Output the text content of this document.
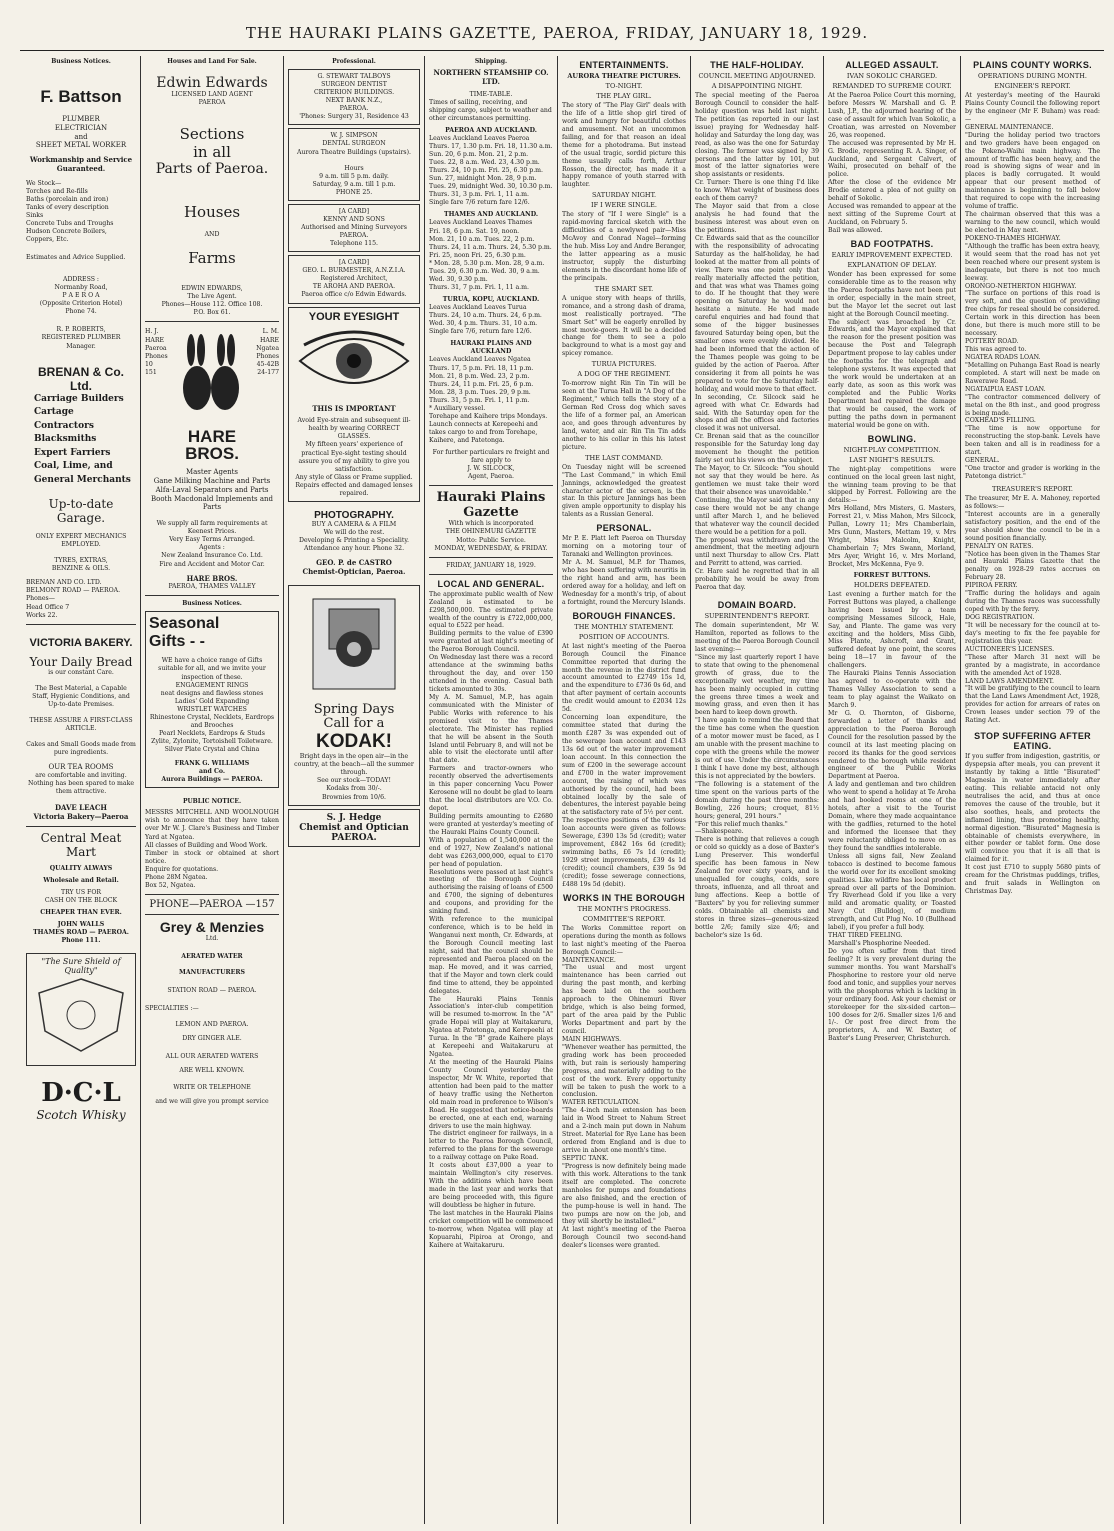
THE HAURAKI PLAINS GAZETTE, PAEROA, FRIDAY, JANUARY 18, 1929.
Business Notices.
F. Battson
PLUMBER
ELECTRICIAN
and
SHEET METAL WORKER
Workmanship and Service Guaranteed.
We Stock—
Torches and Re-fills
Baths (porcelain and iron)
Tanks of every description
Sinks
Concrete Tubs and Troughs
Hudson Concrete Boilers,
Coppers, Etc.
Estimates and Advice Supplied.
ADDRESS :
Normanby Road,
P A E R O A
(Opposite Criterion Hotel)
Phone 74.
R. P. ROBERTS,
REGISTERED PLUMBER
Manager.
BRENAN & Co. Ltd.
Carriage Builders
Cartage Contractors
Blacksmiths
Expert Farriers
Coal, Lime, and
General Merchants
Up-to-date Garage.
ONLY EXPERT MECHANICS EMPLOYED.
TYRES, EXTRAS,
BENZINE & OILS.
BRENAN AND CO. LTD.
BELMONT ROAD — PAEROA.
Phones—
Head Office 7
Works 22.
VICTORIA BAKERY.
Your Daily Bread
is our constant Care.
The Best Material, a Capable Staff, Hygienic Conditions, and Up-to-date Premises.
THESE ASSURE A FIRST-CLASS ARTICLE.
Cakes and Small Goods made from pure ingredients.
OUR TEA ROOMS
are comfortable and inviting. Nothing has been spared to make them attractive.
DAVE LEACH
Victoria Bakery—Paeroa
Central Meat Mart
QUALITY ALWAYS
Wholesale and Retail.
TRY US FOR
CASH ON THE BLOCK
CHEAPER THAN EVER.
JOHN WALLS
THAMES ROAD — PAEROA.
Phone 111.
"The Sure Shield of Quality"
D·C·L
Scotch Whisky
Houses and Land For Sale.
Edwin Edwards
LICENSED LAND AGENT
PAEROA
Sections
in all
Parts of Paeroa.
Houses
AND
Farms
EDWIN EDWARDS,
The Live Agent.
Phones—House 112. Office 108.
P.O. Box 61.
H. J.
HARE
Paeroa
Phones
10
151
L. M.
HARE
Ngatea
Phones
45-42B
24-177
HARE
BROS.
Master Agents
Gane Milking Machine and Parts
Alfa-Laval Separators and Parts
Booth Macdonald Implements and Parts
We supply all farm requirements at Keenest Prices.
Very Easy Terms Arranged.
Agents :
New Zealand Insurance Co. Ltd.
Fire and Accident and Motor Car.
HARE BROS.
PAEROA, THAMES VALLEY
Business Notices.
Seasonal
Gifts - -
WE have a choice range of Gifts suitable for all, and we invite your inspection of these.
ENGAGEMENT RINGS
neat designs and flawless stones
Ladies' Gold Expanding
WRISTLET WATCHES
Rhinestone Crystal, Necklets, Eardrops and Brooches
Pearl Necklets, Eardrops & Studs
Zylite, Zylonite, Tortoishell Toiletware.
Silver Plate Crystal and China
FRANK G. WILLIAMS
and Co.
Aurora Buildings — PAEROA.
PUBLIC NOTICE.
MESSRS MITCHELL AND WOOLNOUGH wish to announce that they have taken over Mr W. J. Clare's Business and Timber Yard at Ngatea.
All classes of Building and Wood Work.
Timber in stock or obtained at short notice.
Enquire for quotations.
Phone 28M Ngatea.
Box 52, Ngatea.
PHONE—PAEROA —157
Grey & Menzies
Ltd.
AERATED WATER
MANUFACTURERS
STATION ROAD — PAEROA.
SPECIALTIES :—
LEMON AND PAEROA.
DRY GINGER ALE.
ALL OUR AERATED WATERS
ARE WELL KNOWN.
WRITE OR TELEPHONE
and we will give you prompt service
Professional.
G. STEWART TALBOYS
SURGEON DENTIST
CRITERION BUILDINGS.
NEXT BANK N.Z.,
PAEROA.
'Phones: Surgery 31, Residence 43
W. J. SIMPSON
DENTAL SURGEON
Aurora Theatre Buildings (upstairs).

Hours
9 a.m. till 5 p.m. daily.
Saturday, 9 a.m. till 1 p.m.
PHONE 25.
[A CARD]
KENNY AND SONS
Authorised and Mining Surveyors
PAEROA.
Telephone 115.
[A CARD]
GEO. L. BURMESTER, A.N.Z.I.A.
Registered Architect,
TE AROHA AND PAEROA.
Paeroa office c/o Edwin Edwards.
YOUR EYESIGHT
THIS IS IMPORTANT
Avoid Eye-strain and subsequent ill-health by wearing CORRECT GLASSES.
My fifteen years' experience of practical Eye-sight testing should assure you of my ability to give you satisfaction.
Any style of Glass or Frame supplied.
Repairs effected and damaged lenses repaired.
PHOTOGRAPHY.
BUY A CAMERA & A FILM
We will do the rest.
Developing & Printing a Speciality.
Attendance any hour. Phone 32.
GEO. P. de CASTRO
Chemist-Optician, Paeroa.
Spring Days
Call for a
KODAK!
Bright days in the open air—in the country, at the beach—all the summer through.
See our stock—TODAY!
Kodaks from 30/-.
Brownies from 10/6.
S. J. Hedge
Chemist and Optician
PAEROA.
Shipping.
NORTHERN STEAMSHIP CO. LTD.
TIME-TABLE.
Times of sailing, receiving, and shipping cargo, subject to weather and other circumstances permitting.
PAEROA AND AUCKLAND.
Leaves Auckland Leaves Paeroa
Thurs. 17, 1.30 p.m. Fri. 18, 11.30 a.m.
Sun. 20, 6 p.m. Mon. 21, 2 p.m.
Tues. 22, 8 a.m. Wed. 23, 4.30 p.m.
Thurs. 24, 10 p.m. Fri. 25, 6.30 p.m.
Sun. 27, midnight Mon. 28, 9 p.m.
Tues. 29, midnight Wed. 30, 10.30 p.m.
Thurs. 31, 3 p.m. Fri. 1, 11 a.m.
Single fare 7/6 return fare 12/6.
THAMES AND AUCKLAND.
Leaves Auckland Leaves Thames
Fri. 18, 6 p.m. Sat. 19, noon.
Mon. 21, 10 a.m. Tues. 22, 2 p.m.
Thurs. 24, 11 a.m. Thurs. 24, 5.30 p.m.
Fri. 25, noon Fri. 25, 6.30 p.m.
* Mon. 28, 5.30 p.m. Mon. 28, 9 a.m.
Tues. 29, 6.30 p.m. Wed. 30, 9 a.m.
Wed. 30, 9.30 p.m.
Thurs. 31, 7 p.m. Fri. 1, 11 a.m.
TURUA, KOPU, AUCKLAND.
Leaves Auckland Leaves Turua
Thurs. 24, 10 a.m. Thurs. 24, 6 p.m.
Wed. 30, 4 p.m. Thurs. 31, 10 a.m.
Single fare 7/6, return fare 12/6.
HAURAKI PLAINS AND AUCKLAND
Leaves Auckland Leaves Ngatea
Thurs. 17, 5 p.m. Fri. 18, 11 p.m.
Mon. 21, 8 p.m. Wed. 23, 2 p.m.
Thurs. 24, 11 p.m. Fri. 25, 6 p.m.
Mon. 28, 3 p.m. Tues. 29, 9 p.m.
Thurs. 31, 5 p.m. Fri. 1, 11 p.m.
* Auxiliary vessel.
Torehape and Kaihere trips Mondays. Launch connects at Kerepeehi and takes cargo to and from Torehape, Kaihere, and Patetonga.
For further particulars re freight and fare apply to
J. W. SILCOCK,
Agent, Paeroa.
Hauraki Plains Gazette
With which is incorporated
THE OHINEMURI GAZETTE
Motto: Public Service.
MONDAY, WEDNESDAY, & FRIDAY.
FRIDAY, JANUARY 18, 1929.
LOCAL AND GENERAL.
The approximate public wealth of New Zealand is estimated to be £298,500,000. The estimated private wealth of the country is £722,000,000, equal to £522 per head.
Building permits to the value of £390 were granted at last night's meeting of the Paeroa Borough Council.
On Wednesday last there was a record attendance at the swimming baths throughout the day, and over 150 attended in the evening. Casual bath tickets amounted to 30s.
My A. M. Samuel, M.P., has again communicated with the Minister of Public Works with reference to his promised visit to the Thames electorate. The Minister has replied that he will be absent in the South Island until February 8, and will not be able to visit the electorate until after that date.
Farmers and tractor-owners who recently observed the advertisements in this paper concerning Vacu Power Kerosene will no doubt be glad to learn that the local distributors are V.O. Co. depot.
Building permits amounting to £2680 were granted at yesterday's meeting of the Hauraki Plains County Council.
With a population of 1,540,000 at the end of 1927, New Zealand's national debt was £263,000,000, equal to £170 per head of population.
Resolutions were passed at last night's meeting of the Borough Council authorising the raising of loans of £500 and £700, the signing of debentures and coupons, and providing for the sinking fund.
With reference to the municipal conference, which is to be held in Wanganui next month, Cr. Edwards, at the Borough Council meeting last night, said that the council should be represented and Paeroa placed on the map. He moved, and it was carried, that if the Mayor and town clerk could find time to attend, they be appointed delegates.
The Hauraki Plains Tennis Association's inter-club competition will be resumed to-morrow. In the "A" grade Hopai will play at Waitakaruru, Ngatea at Patetonga, and Kerepeehi at Turua. In the "B" grade Kaihere plays at Kerepeehi and Waitakaruru at Ngatea.
At the meeting of the Hauraki Plains County Council yesterday the inspector, Mr W. White, reported that attention had been paid to the matter of heavy traffic using the Netherton old main road in preference to Wilson's Road. He suggested that notice-boards be erected, one at each end, warning drivers to use the main highway.
The district engineer for railways, in a letter to the Paeroa Borough Council, referred to the plans for the sewerage to a railway cottage on Puke Road.
It costs about £37,000 a year to maintain Wellington's city reserves. With the additions which have been made in the last year and works that are being proceeded with, this figure will doubtless be higher in future.
The last matches in the Hauraki Plains cricket competition will be commenced to-morrow, when Ngatea will play at Kopuarahi, Pipiroa at Orongo, and Kaihere at Waitakaruru.
ENTERTAINMENTS.
AURORA THEATRE PICTURES.
TO-NIGHT.
THE PLAY GIRL.
The story of "The Play Girl" deals with the life of a little shop girl tired of work and hungry for beautiful clothes and amusement. Not an uncommon failing, and for that reason an ideal theme for a photodrama. But instead of the usual tragic, sordid picture this theme usually calls forth, Arthur Rosson, the director, has made it a happy romance of youth starred with laughter.
SATURDAY NIGHT.
IF I WERE SINGLE.
The story of "If I were Single" is a rapid-moving farcical sketch with the difficulties of a newlywed pair—Miss McAvoy and Conrad Nagel—forming the hub. Miss Loy and Andre Beranger, the latter appearing as a music instructor, supply the disturbing elements in the discordant home life of the principals.
THE SMART SET.
A unique story with heaps of thrills, romance, and a strong dash of drama, most realistically portrayed. "The Smart Set" will be eagerly enrolled by most movie-goers. It will be a decided change for them to see a polo background to what is a most gay and spicey romance.
TURUA PICTURES.
A DOG OF THE REGIMENT.
To-morrow night Rin Tin Tin will be seen at the Turua Hall in "A Dog of the Regiment," which tells the story of a German Red Cross dog which saves the life of a former pal, an American ace, and goes through adventures by land, water, and air. Rin Tin Tin adds another to his collar in this his latest picture.
THE LAST COMMAND.
On Tuesday night will be screened "The Last Command," in which Emil Jannings, acknowledged the greatest character actor of the screen, is the star. In this picture Jannings has been given ample opportunity to display his talents as a Russian General.
PERSONAL.
Mr P. E. Platt left Paeroa on Thursday morning on a motoring tour of Taranaki and Wellington provinces.
Mr A. M. Samuel, M.P. for Thames, who has been suffering with neuritis in the right hand and arm, has been ordered away for a holiday, and left on Wednesday for a month's trip, of about a fortnight, round the Mercury Islands.
BOROUGH FINANCES.
THE MONTHLY STATEMENT.
POSITION OF ACCOUNTS.
At last night's meeting of the Paeroa Borough Council the Finance Committee reported that during the month the revenue in the district fund account amounted to £2749 15s 1d, and the expenditure to £736 0s 6d, and that after payment of certain accounts the credit would amount to £2034 12s 5d.
Concerning loan expenditure, the committee stated that during the month £287 3s was expended out of the sewerage loan account and £143 13s 6d out of the water improvement loan account. In this connection the sum of £200 in the sewerage account and £700 in the water improvement account, the raising of which was authorised by the council, had been obtained locally by the sale of debentures, the interest payable being at the satisfactory rate of 5½ per cent.
The respective positions of the various loan accounts were given as follows: Sewerage, £390 13s 5d (credit); water improvement, £842 16s 6d (credit); swimming baths, £6 7s 1d (credit); 1929 street improvements, £39 4s 1d (credit); council chambers, £39 5s 9d (credit); fosse sewerage connections, £488 19s 5d (debit).
WORKS IN THE BOROUGH
THE MONTH'S PROGRESS.
COMMITTEE'S REPORT.
The Works Committee report on operations during the month as follows to last night's meeting of the Paeroa Borough Council:—
MAINTENANCE.
"The usual and most urgent maintenance has been carried out during the past month, and kerbing has been laid on the southern approach to the Ohinemuri River bridge, which is also being formed, part of the area paid by the Public Works Department and part by the council.
MAIN HIGHWAYS.
"Whenever weather has permitted, the grading work has been proceeded with, but rain is seriously hampering progress, and materially adding to the cost of the work. Every opportunity will be taken to push the work to a conclusion.
WATER RETICULATION.
"The 4-inch main extension has been laid in Wood Street to Nahum Street and a 2-inch main put down in Nahum Street. Material for Rye Lane has been ordered from England and is due to arrive in about one month's time.
SEPTIC TANK.
"Progress is now definitely being made with this work. Alterations to the tank itself are completed. The concrete manholes for pumps and foundations are also finished, and the erection of the pump-house is well in hand. The two pumps are now on the job, and they will shortly be installed."
At last night's meeting of the Paeroa Borough Council two second-hand dealer's licenses were granted.
THE HALF-HOLIDAY.
COUNCIL MEETING ADJOURNED.
A DISAPPOINTING NIGHT.
The special meeting of the Paeroa Borough Council to consider the half-holiday question was held last night. The petition (as reported in our last issue) praying for Wednesday half-holiday and Saturday the long day, was read, as also was the one for Saturday closing. The former was signed by 39 persons and the latter by 101, but most of the latter signatories were shop assistants or residents.
Cr. Turner: There is one thing I'd like to know. What weight of business does each of them carry?
The Mayor said that from a close analysis he had found that the business interest was about even on the petitions.
Cr. Edwards said that as the councillor with the responsibility of advocating Saturday as the half-holiday, he had looked at the matter from all points of view. There was one point only that really materially affected the petition, and that was what was Thames going to do. If he thought that they were opening on Saturday he would not hesitate a minute. He had made careful enquiries and had found that some of the bigger businesses favoured Saturday being open, but the smaller ones were evenly divided. He had been informed that the action of the Thames people was going to be guided by the action of Paeroa. After considering it from all points he was prepared to vote for the Saturday half-holiday, and would move to that effect.
In seconding, Cr. Silcock said he agreed with what Cr. Edwards had said. With the Saturday open for the shops and all the offices and factories closed it was not universal.
Cr. Brenan said that as the councillor responsible for the Saturday long day movement he thought the petition fairly set out his views on the subject.
The Mayor, to Cr. Silcock: "You should not say that they would be here. As gentlemen we must take their word that their absence was unavoidable."
Continuing, the Mayor said that in any case there would not be any change until after March 1, and he believed that whatever way the council decided there would be a petition for a poll.
The proposal was withdrawn and the amendment, that the meeting adjourn until next Thursday to allow Crs. Platt and Perritt to attend, was carried.
Cr. Hare said he regretted that in all probability he would be away from Paeroa that day.
DOMAIN BOARD.
SUPERINTENDENT'S REPORT.
The domain superintendent, Mr W. Hamilton, reported as follows to the meeting of the Paeroa Borough Council last evening:—
"Since my last quarterly report I have to state that owing to the phenomenal growth of grass, due to the exceptionally wet weather, my time has been mainly occupied in cutting the greens three times a week and mowing grass, and even then it has been hard to keep down growth.
"I have again to remind the Board that the time has come when the question of a motor mower must be faced, as I am unable with the present machine to cope with the greens while the mower is out of use. Under the circumstances I think I have done my best, although this is not appreciated by the bowlers.
"The following is a statement of the time spent on the various parts of the domain during the past three months: Bowling, 226 hours; croquet, 81½ hours; general, 291 hours."
"For this relief much thanks."
—Shakespeare.
There is nothing that relieves a cough or cold so quickly as a dose of Baxter's Lung Preserver. This wonderful specific has been famous in New Zealand for over sixty years, and is unequalled for coughs, colds, sore throats, influenza, and all throat and lung affections. Keep a bottle of "Baxters" by you for relieving summer colds. Obtainable all chemists and stores in three sizes—generous-sized bottle 2/6; family size 4/6; and bachelor's size 1s 6d.
ALLEGED ASSAULT.
IVAN SOKOLIC CHARGED.
REMANDED TO SUPREME COURT.
At the Paeroa Police Court this morning, before Messrs W. Marshall and G. P. Lush, J.P., the adjourned hearing of the case of assault for which Ivan Sokolic, a Croatian, was arrested on November 26, was reopened.
The accused was represented by Mr H. G. Brodie, representing R. A. Singer, of Auckland, and Sergeant Calvert, of Waihi, prosecuted on behalf of the police.
After the close of the evidence Mr Brodie entered a plea of not guilty on behalf of Sokolic.
Accused was remanded to appear at the next sitting of the Supreme Court at Auckland, on February 5.
Bail was allowed.
BAD FOOTPATHS.
EARLY IMPROVEMENT EXPECTED.
EXPLANATION OF DELAY.
Wonder has been expressed for some considerable time as to the reason why the Paeroa footpaths have not been put in order, especially in the main street, but the Mayor let the secret out last night at the Borough Council meeting.
The subject was broached by Cr. Edwards, and the Mayor explained that the reason for the present position was because the Post and Telegraph Department propose to lay cables under the footpaths for the telegraph and telephone systems. It was expected that the work would be undertaken at an early date, as soon as this work was completed and the Public Works Department had repaired the damage that would be caused, the work of putting the paths down in permanent material would be gone on with.
BOWLING.
NIGHT-PLAY COMPETITION.
LAST NIGHT'S RESULTS.
The night-play competitions were continued on the local green last night, the winning team proving to be that skipped by Forrest. Following are the details:—
Mrs Holland, Mrs Misters, G. Masters, Forrest 21, v. Miss Mahon, Mrs Silcock, Pullan, Lowry 11; Mrs Chamberlain, Mrs Gunn, Masters, Mettam 19, v. Mrs Wright, Miss Malcolm, Knight, Chamberlain 7; Mrs Swann, Morland, Mrs Ayer, Wright 16, v. Mrs Morland, Brocket, Mrs McKenna, Fye 9.
FORREST BUTTONS.
HOLDERS DEFEATED.
Last evening a further match for the Forrest Buttons was played, a challenge having been issued by a team comprising Messames Silcock, Hale, Say, and Plante. The game was very exciting and the holders, Miss Gibb, Miss Plante, Ashcroft, and Grant, suffered defeat by one point, the scores being 18—17 in favour of the challengers.
The Hauraki Plains Tennis Association has agreed to co-operate with the Thames Valley Association to send a team to play against the Waikato on March 9.
Mr G. O. Thornton, of Gisborne, forwarded a letter of thanks and appreciation to the Paeroa Borough Council for the resolution passed by the council at its last meeting placing on record its thanks for the good services rendered to the borough while resident engineer of the Public Works Department at Paeroa.
A lady and gentleman and two children who went to spend a holiday at Te Aroha and had booked rooms at one of the hotels, after a visit to the Tourist Domain, where they made acquaintance with the gadflies, returned to the hotel and informed the licensee that they were reluctantly obliged to move on as they found the sandflies intolerable.
Unless all signs fail, New Zealand tobacco is destined to become famous the world over for its excellent smoking qualities. Like wildfire has local product spread over all parts of the Dominion. Try Riverhead Gold if you like a very mild and aromatic quality, or Toasted Navy Cut (Bulldog), of medium strength, and Cut Plug No. 10 (Bullhead label), if you prefer a full body.
THAT TIRED FEELING.
Marshall's Phosphorine Needed.
Do you often suffer from that tired feeling? It is very prevalent during the summer months. You want Marshall's Phosphorine to restore your old nerve food and tonic, and supplies your nerves with the phosphorus which is lacking in your ordinary food. Ask your chemist or storekeeper for the six-sided carton—100 doses for 2/6. Smaller sizes 1/6 and 1/-. Or post free direct from the proprietors, A. and W. Baxter, of Baxter's Lung Preserver, Christchurch.
PLAINS COUNTY WORKS.
OPERATIONS DURING MONTH.
ENGINEER'S REPORT.
At yesterday's meeting of the Hauraki Plains County Council the following report by the engineer (Mr F. Buham) was read:—
GENERAL MAINTENANCE.
"During the holiday period two tractors and two graders have been engaged on the Pokeno-Waihi main highway. The amount of traffic has been heavy, and the road is showing signs of wear and in places is badly corrugated. It would appear that our present method of maintenance is beginning to fall below that required to cope with the increasing volume of traffic.
The chairman observed that this was a warning to the new council, which would be elected in May next.
POKENO-THAMES HIGHWAY.
"Although the traffic has been extra heavy, it would seem that the road has not yet been reached where our present system is inadequate, but there is not too much leeway.
ORONGO-NETHERTON HIGHWAY.
"The surface on portions of this road is very soft, and the question of providing free chips for reseal should be considered. Certain work in this direction has been done, but there is much more still to be necessary.
POTTERY ROAD.
This was agreed to.
NGATEA ROADS LOAN.
"Metalling on Puhanga East Road is nearly completed. A start will next be made on Rawerawe Road.
NGATAIPUA EAST LOAN.
"The contractor commenced delivery of metal on the 8th inst., and good progress is being made.
COXHEAD'S FILLING.
"The time is now opportune for reconstructing the stop-bank. Levels have been taken and all is in readiness for a start.
GENERAL.
"One tractor and grader is working in the Patetonga district."
TREASURER'S REPORT.
The treasurer, Mr E. A. Mahoney, reported as follows:—
"Interest accounts are in a generally satisfactory position, and the end of the year should show the council to be in a sound position financially.
PENALTY ON RATES.
"Notice has been given in the Thames Star and Hauraki Plains Gazette that the penalty on 1928-29 rates accrues on February 28.
PIPIROA FERRY.
"Traffic during the holidays and again during the Thames races was successfully coped with by the ferry.
DOG REGISTRATION.
"It will be necessary for the council at to-day's meeting to fix the fee payable for registration this year.
AUCTIONEER'S LICENSES.
"These after March 31 next will be granted by a magistrate, in accordance with the amended Act of 1928.
LAND LAWS AMENDMENT.
"It will be gratifying to the council to learn that the Land Laws Amendment Act, 1928, provides for action for arrears of rates on Crown leases under section 79 of the Rating Act.
STOP SUFFERING AFTER EATING.
If you suffer from indigestion, gastritis, or dyspepsia after meals, you can prevent it instantly by taking a little "Bisurated" Magnesia in water immediately after eating. This reliable antacid not only neutralises the acid, and thus at once removes the cause of the trouble, but it also soothes, heals, and protects the inflamed lining, thus promoting healthy, normal digestion. "Bisurated" Magnesia is obtainable of chemists everywhere, in either powder or tablet form. One dose will convince you that it is all that is claimed for it.
It cost just £710 to supply 5680 pints of cream for the Christmas puddings, trifles, and fruit salads in Wellington on Christmas Day.
